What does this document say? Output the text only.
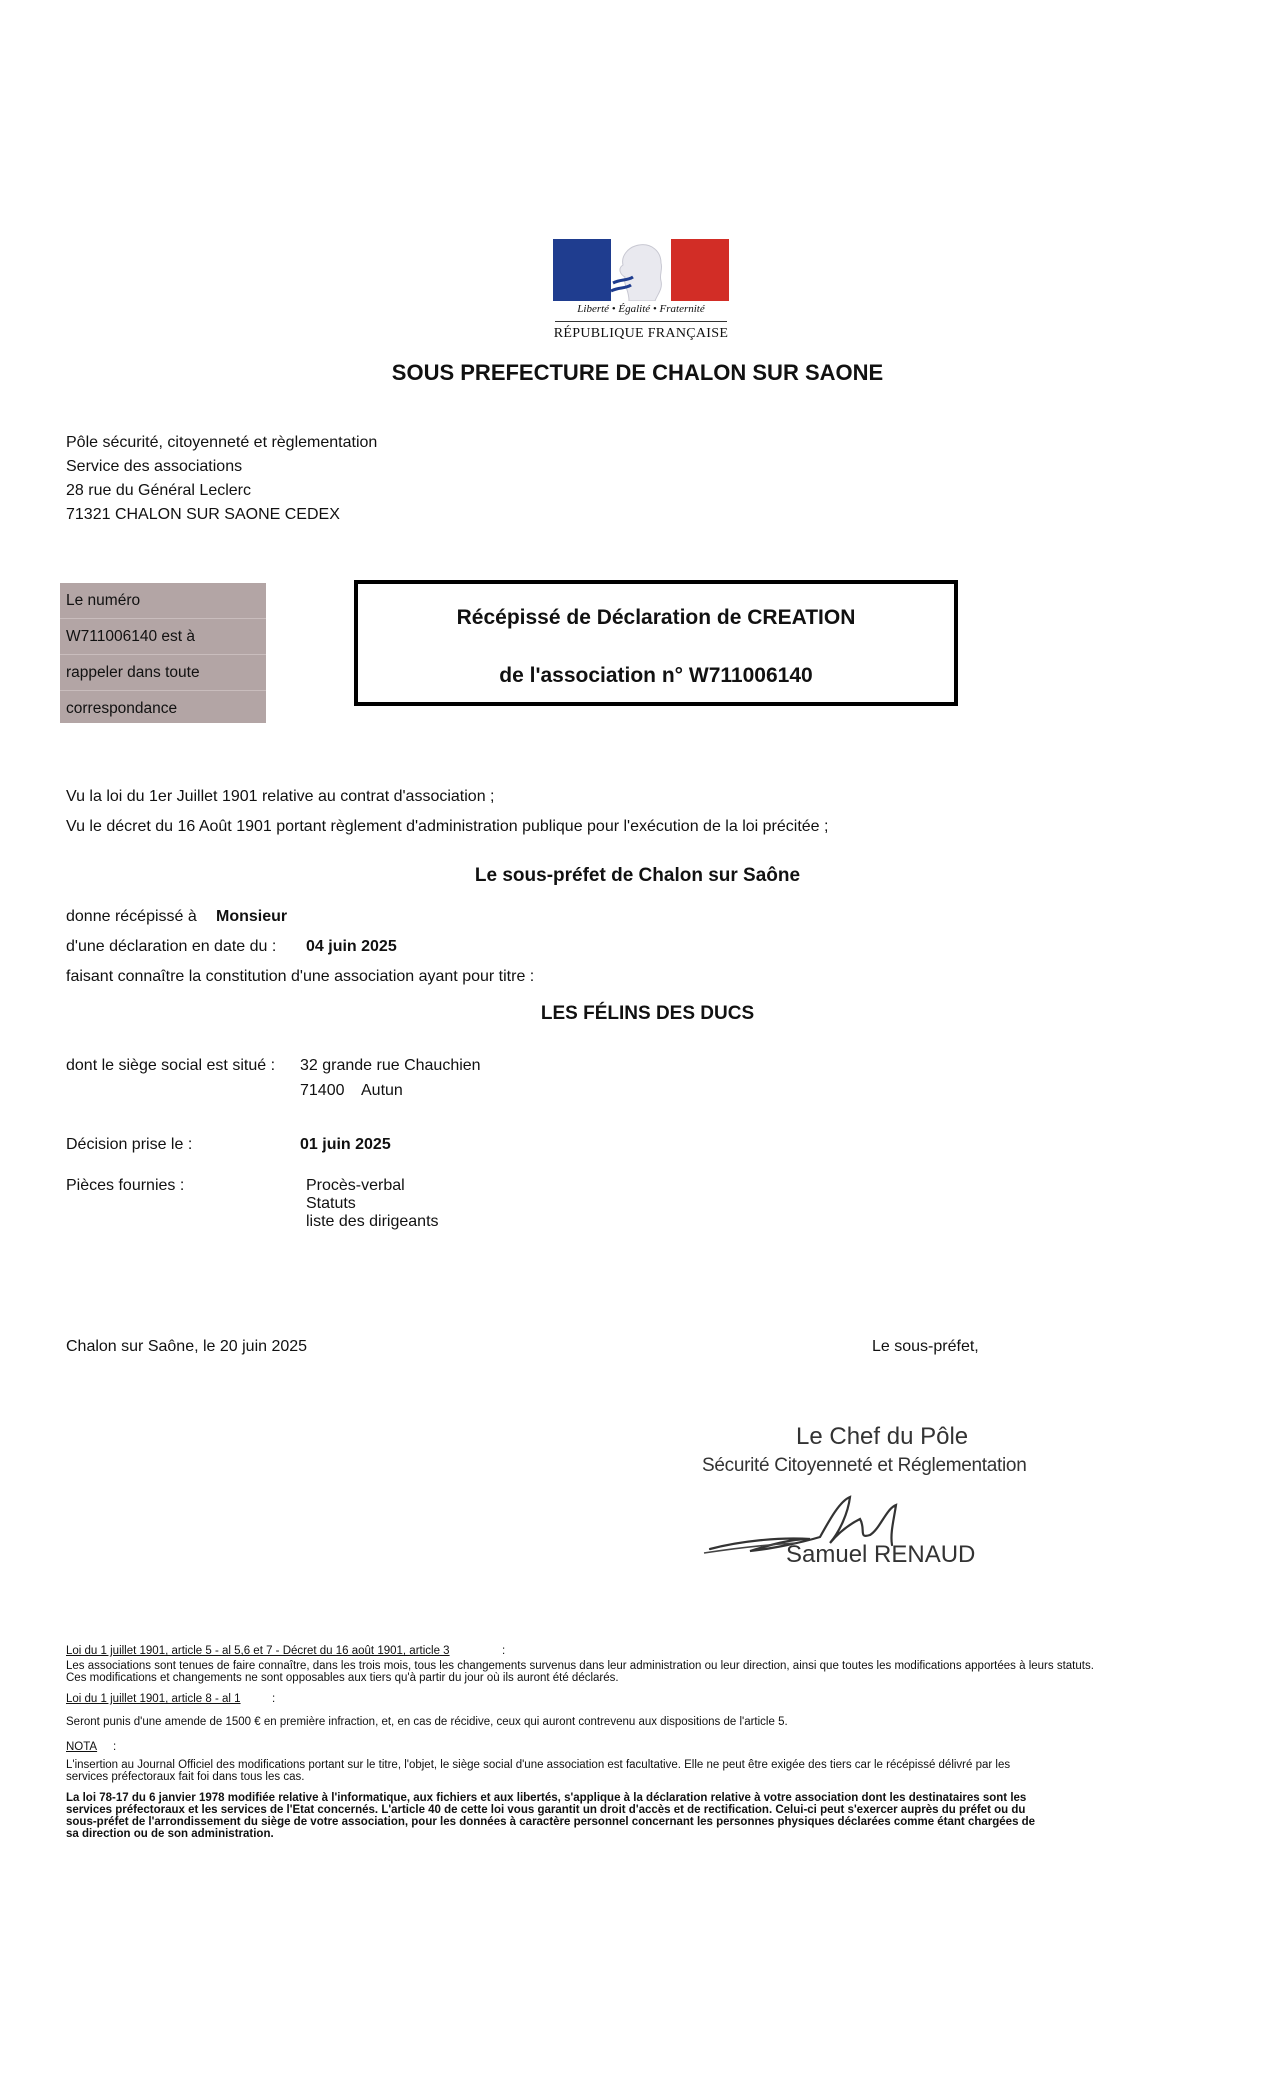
Liberté • Égalité • Fraternité
RÉPUBLIQUE FRANÇAISE
SOUS PREFECTURE DE CHALON SUR SAONE
Pôle sécurité, citoyenneté et règlementation
Service des associations
28 rue du Général Leclerc
71321 CHALON SUR SAONE CEDEX
Le numéro
W711006140 est à
rappeler dans toute
correspondance
Récépissé de Déclaration de CREATION
de l'association n° W711006140
Vu la loi du 1er Juillet 1901 relative au contrat d'association ;
Vu le décret du 16 Août 1901 portant règlement d'administration publique pour l'exécution de la loi précitée ;
Le sous-préfet de Chalon sur Saône
donne récépissé à Monsieur
d'une déclaration en date du : 04 juin 2025
faisant connaître la constitution d'une association ayant pour titre :
LES FÉLINS DES DUCS
dont le siège social est situé : 32 grande rue Chauchien
71400 Autun
Décision prise le :	01 juin 2025
Pièces fournies :	Procès-verbal
Statuts
liste des dirigeants
Chalon sur Saône, le 20 juin 2025	Le sous-préfet,
Le Chef du Pôle
Sécurité Citoyenneté et Réglementation
Samuel RENAUD
Loi du 1 juillet 1901, article 5 - al 5,6 et 7 - Décret du 16 août 1901, article 3	:
Les associations sont tenues de faire connaître, dans les trois mois, tous les changements survenus dans leur administration ou leur direction, ainsi que toutes les modifications apportées à leurs statuts.
Ces modifications et changements ne sont opposables aux tiers qu'à partir du jour où ils auront été déclarés.
Loi du 1 juillet 1901, article 8 - al 1	:
Seront punis d'une amende de 1500 € en première infraction, et, en cas de récidive, ceux qui auront contrevenu aux dispositions de l'article 5.
NOTA :
L'insertion au Journal Officiel des modifications portant sur le titre, l'objet, le siège social d'une association est facultative. Elle ne peut être exigée des tiers car le récépissé délivré par les
services préfectoraux fait foi dans tous les cas.
La loi 78-17 du 6 janvier 1978 modifiée relative à l'informatique, aux fichiers et aux libertés, s'applique à la déclaration relative à votre association dont les destinataires sont les
services préfectoraux et les services de l'Etat concernés. L'article 40 de cette loi vous garantit un droit d'accès et de rectification. Celui-ci peut s'exercer auprès du préfet ou du
sous-préfet de l'arrondissement du siège de votre association, pour les données à caractère personnel concernant les personnes physiques déclarées comme étant chargées de
sa direction ou de son administration.
